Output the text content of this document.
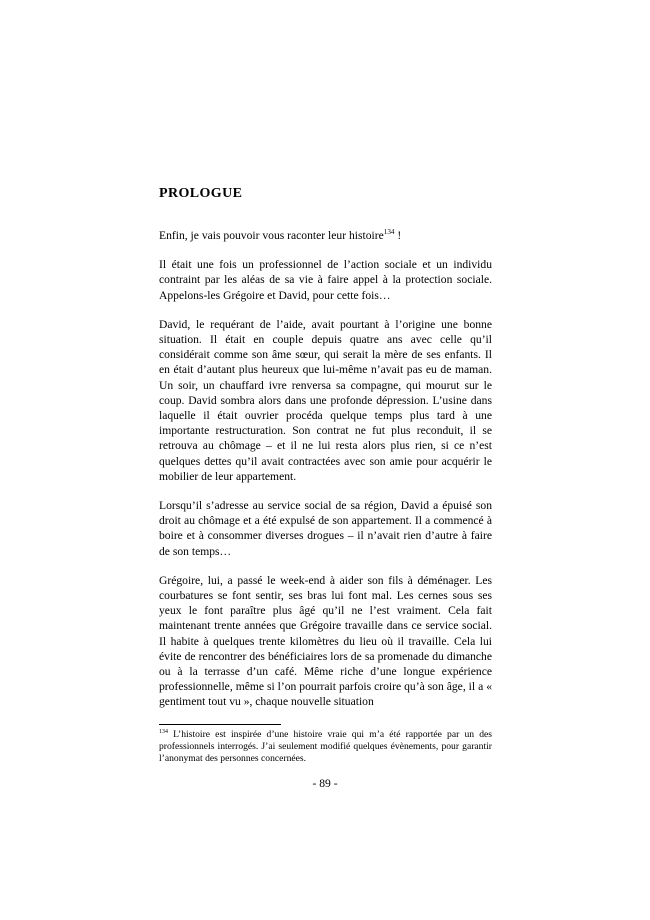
PROLOGUE

Enfin, je vais pouvoir vous raconter leur histoire$^{134}$ !

Il était une fois un professionnel de l’action sociale et un individu contraint par les aléas de sa vie à faire appel à la protection sociale. Appelons-les Grégoire et David, pour cette fois…

David, le requérant de l’aide, avait pourtant à l’origine une bonne situation. Il était en couple depuis quatre ans avec celle qu’il considérait comme son âme sœur, qui serait la mère de ses enfants. Il en était d’autant plus heureux que lui-même n’avait pas eu de maman. Un soir, un chauffard ivre renversa sa compagne, qui mourut sur le coup. David sombra alors dans une profonde dépression. L’usine dans laquelle il était ouvrier procéda quelque temps plus tard à une importante restructuration. Son contrat ne fut plus reconduit, il se retrouva au chômage – et il ne lui resta alors plus rien, si ce n’est quelques dettes qu’il avait contractées avec son amie pour acquérir le mobilier de leur appartement.

Lorsqu’il s’adresse au service social de sa région, David a épuisé son droit au chômage et a été expulsé de son appartement. Il a commencé à boire et à consommer diverses drogues – il n’avait rien d’autre à faire de son temps…

Grégoire, lui, a passé le week-end à aider son fils à déménager. Les courbatures se font sentir, ses bras lui font mal. Les cernes sous ses yeux le font paraître plus âgé qu’il ne l’est vraiment. Cela fait maintenant trente années que Grégoire travaille dans ce service social. Il habite à quelques trente kilomètres du lieu où il travaille. Cela lui évite de rencontrer des bénéficiaires lors de sa promenade du dimanche ou à la terrasse d’un café. Même riche d’une longue expérience professionnelle, même si l’on pourrait parfois croire qu’à son âge, il a « gentiment tout vu », chaque nouvelle situation

$^{134}$ L’histoire est inspirée d’une histoire vraie qui m’a été rapportée par un des professionnels interrogés. J’ai seulement modifié quelques évènements, pour garantir l’anonymat des personnes concernées.

- 89 -
